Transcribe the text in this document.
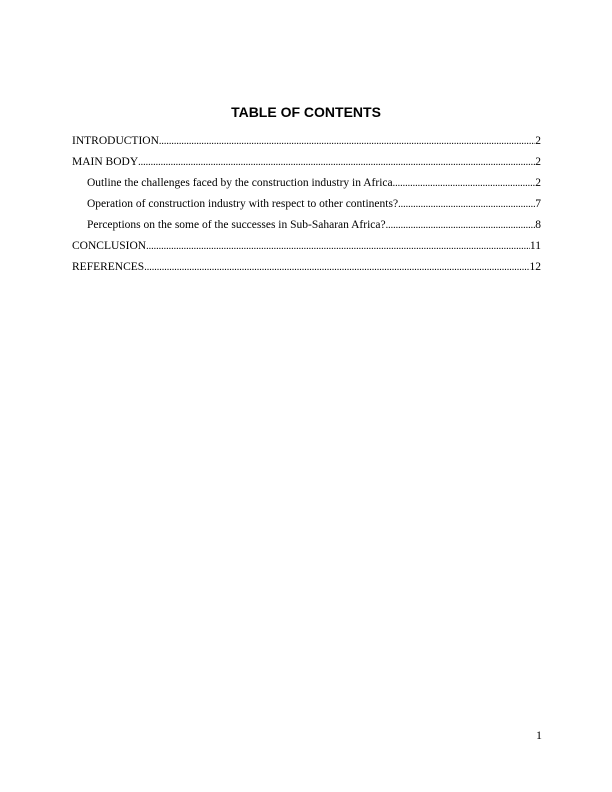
TABLE OF CONTENTS
INTRODUCTION .....	2
MAIN BODY .....	2
Outline the challenges faced by the construction industry in Africa .....	2
Operation of construction industry with respect to other continents? .....	7
Perceptions on the some of the successes in Sub-Saharan Africa? .....	8
CONCLUSION .....	11
REFERENCES .....	12
1
